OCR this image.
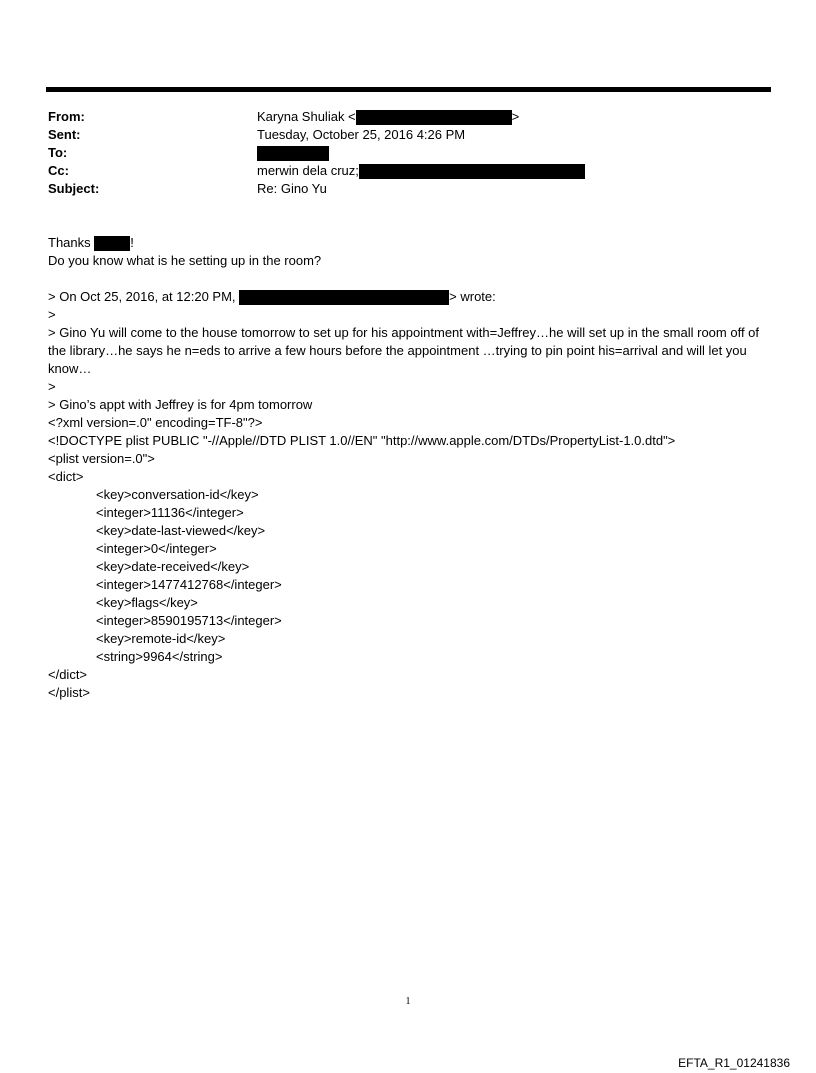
From:	Karyna Shuliak <	>
Sent:	Tuesday, October 25, 2016 4:26 PM
To:
Cc:	merwin dela cruz;
Subject:	Re: Gino Yu
Thanks	!
Do you know what is he setting up in the room?
> On Oct 25, 2016, at 12:20 PM,	> wrote:
>
> Gino Yu will come to the house tomorrow to set up for his appointment with=Jeffrey…he will set up in the small room off of the library…he says he n=eds to arrive a few hours before the appointment …trying to pin point his=arrival and will let you know…
>
> Gino’s appt with Jeffrey is for 4pm tomorrow
<?xml version=.0" encoding=TF-8"?>
<!DOCTYPE plist PUBLIC "-//Apple//DTD PLIST 1.0//EN" "http://www.apple.com/DTDs/PropertyList-1.0.dtd">
<plist version=.0">
<dict>
<key>conversation-id</key>
<integer>11136</integer>
<key>date-last-viewed</key>
<integer>0</integer>
<key>date-received</key>
<integer>1477412768</integer>
<key>flags</key>
<integer>8590195713</integer>
<key>remote-id</key>
<string>9964</string>
</dict>
</plist>
1
EFTA_R1_01241836
